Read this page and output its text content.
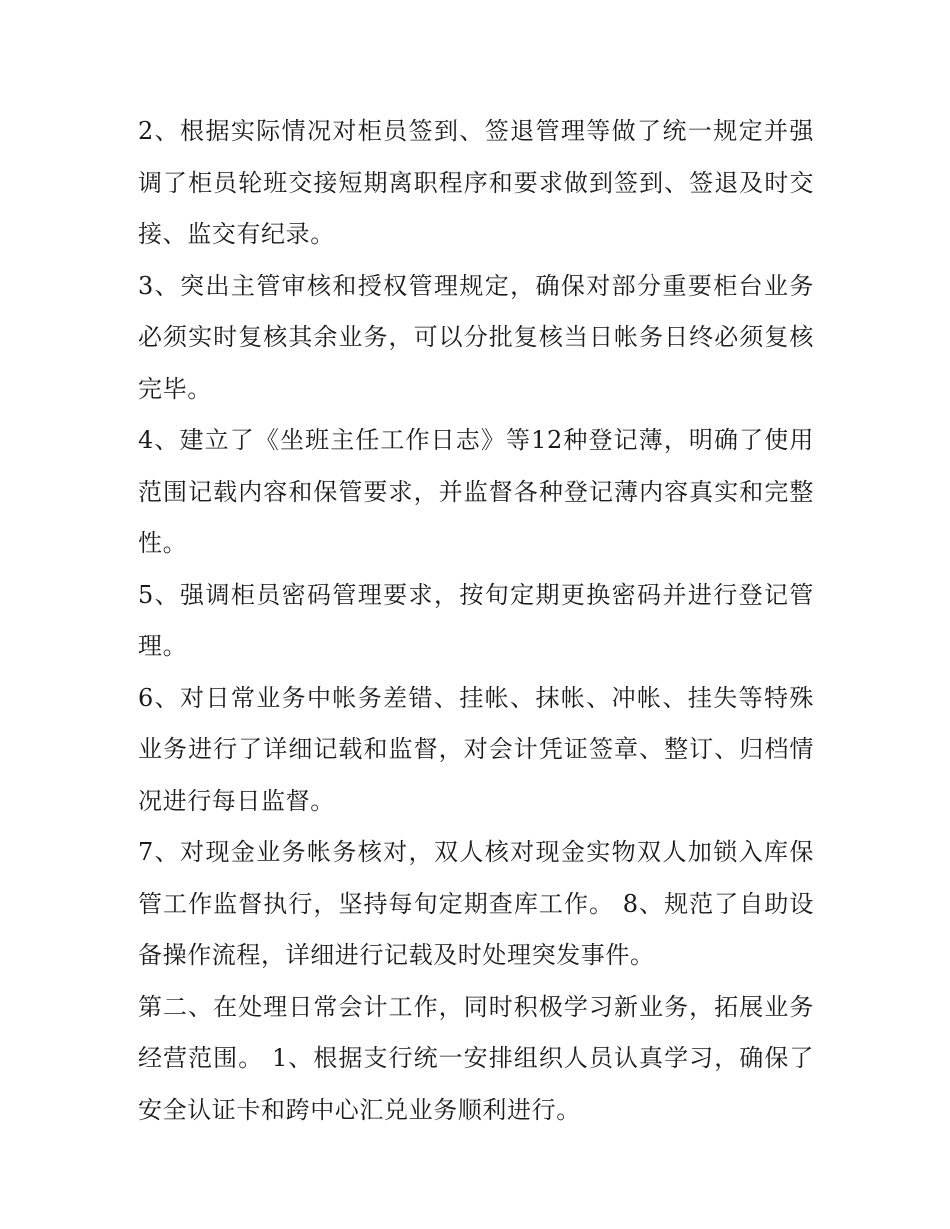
2、根据实际情况对柜员签到、签退管理等做了统一规定并强调了柜员轮班交接短期离职程序和要求做到签到、签退及时交接、监交有纪录。

3、突出主管审核和授权管理规定，确保对部分重要柜台业务必须实时复核其余业务，可以分批复核当日帐务日终必须复核完毕。

4、建立了《坐班主任工作日志》等12种登记薄，明确了使用范围记载内容和保管要求，并监督各种登记薄内容真实和完整性。

5、强调柜员密码管理要求，按旬定期更换密码并进行登记管理。

6、对日常业务中帐务差错、挂帐、抹帐、冲帐、挂失等特殊业务进行了详细记载和监督，对会计凭证签章、整订、归档情况进行每日监督。

7、对现金业务帐务核对，双人核对现金实物双人加锁入库保管工作监督执行，坚持每旬定期查库工作。 8、规范了自助设备操作流程，详细进行记载及时处理突发事件。

第二、在处理日常会计工作，同时积极学习新业务，拓展业务经营范围。 1、根据支行统一安排组织人员认真学习，确保了安全认证卡和跨中心汇兑业务顺利进行。
